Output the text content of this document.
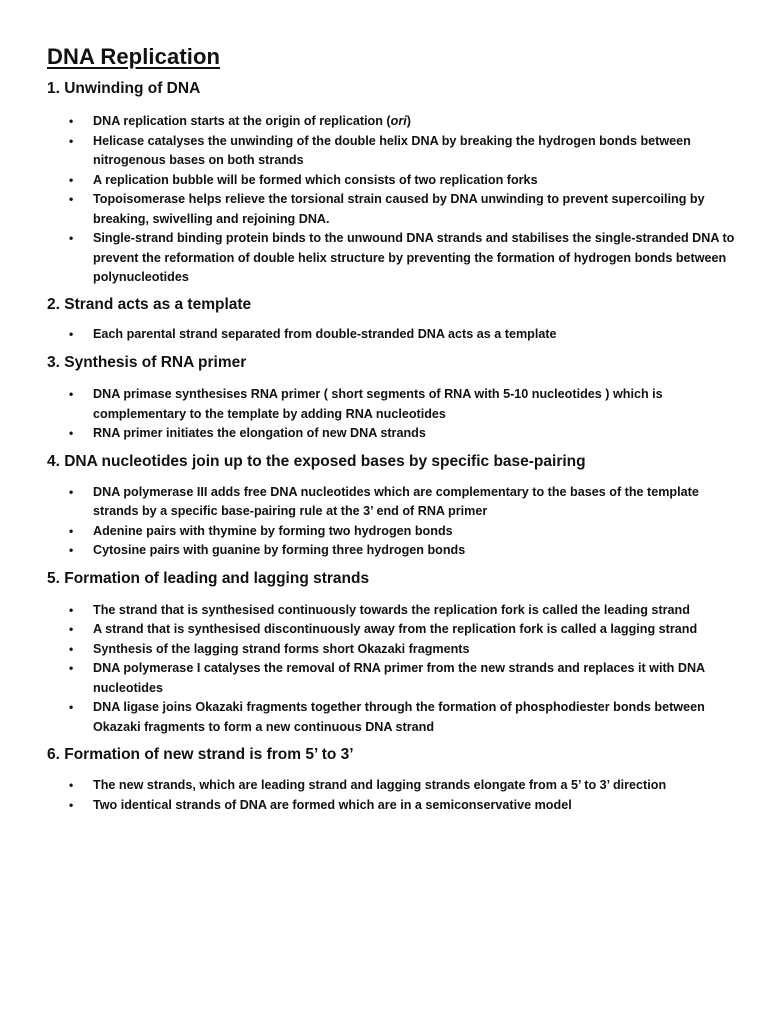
DNA Replication
1. Unwinding of DNA
• DNA replication starts at the origin of replication (ori)
• Helicase catalyses the unwinding of the double helix DNA by breaking the hydrogen bonds between nitrogenous bases on both strands
• A replication bubble will be formed which consists of two replication forks
• Topoisomerase helps relieve the torsional strain caused by DNA unwinding to prevent supercoiling by breaking, swivelling and rejoining DNA.
• Single-strand binding protein binds to the unwound DNA strands and stabilises the single-stranded DNA to prevent the reformation of double helix structure by preventing the formation of hydrogen bonds between polynucleotides
2. Strand acts as a template
• Each parental strand separated from double-stranded DNA acts as a template
3. Synthesis of RNA primer
• DNA primase synthesises RNA primer ( short segments of RNA with 5-10 nucleotides ) which is complementary to the template by adding RNA nucleotides
• RNA primer initiates the elongation of new DNA strands
4. DNA nucleotides join up to the exposed bases by specific base-pairing
• DNA polymerase III adds free DNA nucleotides which are complementary to the bases of the template strands by a specific base-pairing rule at the 3’ end of RNA primer
• Adenine pairs with thymine by forming two hydrogen bonds
• Cytosine pairs with guanine by forming three hydrogen bonds
5. Formation of leading and lagging strands
• The strand that is synthesised continuously towards the replication fork is called the leading strand
• A strand that is synthesised discontinuously away from the replication fork is called a lagging strand
• Synthesis of the lagging strand forms short Okazaki fragments
• DNA polymerase I catalyses the removal of RNA primer from the new strands and replaces it with DNA nucleotides
• DNA ligase joins Okazaki fragments together through the formation of phosphodiester bonds between Okazaki fragments to form a new continuous DNA strand
6. Formation of new strand is from 5’ to 3’
• The new strands, which are leading strand and lagging strands elongate from a 5’ to 3’ direction
• Two identical strands of DNA are formed which are in a semiconservative model
